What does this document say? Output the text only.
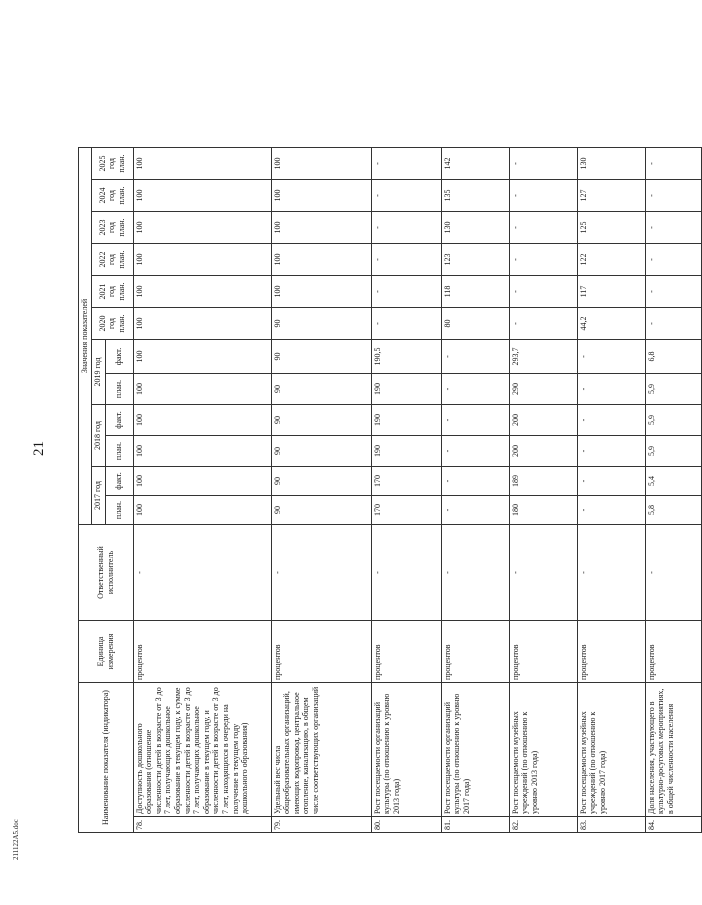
21
211122A5.doc
Наименование показателя (индикатора)		Единица измерения	Ответственный исполнитель	Значения показателей											
				2017 год		2018 год		2019 год		2020 год план.	2021 год план.	2022 год план.	2023 год план.	2024 год план.	2025 год план.
				план.	факт.	план.	факт.	план.	факт.						
78.	Доступность дошкольного образования (отношение численности детей в возрасте от 3 до 7 лет, получающих дошкольное образование в текущем году, к сумме численности детей в возрасте от 3 до 7 лет, получающих дошкольное образование в текущем году, и численности детей в возрасте от 3 до 7 лет, находящихся в очереди на получение в текущем году дошкольного образования)	процентов	-	100	100	100	100	100	100	100	100	100	100	100	100
79.	Удельный вес числа общеобразовательных организаций, имеющих водопровод, центральное отопление, канализацию, в общем числе соответствующих организаций	процентов	-	90	90	90	90	90	90	90	100	100	100	100	100
80.	Рост посещаемости организаций культуры (по отношению к уровню 2013 года)	процентов	-	170	170	190	190	190	190,5	-	-	-	-	-	-
81.	Рост посещаемости организаций культуры (по отношению к уровню 2017 года)	процентов	-	-	-	-	-	-	-	80	118	123	130	135	142
82.	Рост посещаемости музейных учреждений (по отношению к уровню 2013 года)	процентов	-	180	189	200	200	290	293,7	-	-	-	-	-	-
83.	Рост посещаемости музейных учреждений (по отношению к уровню 2017 года)	процентов	-	-	-	-	-	-	-	44,2	117	122	125	127	130
84.	Доля населения, участвующего в культурно-досуговых мероприятиях, в общей численности населения	процентов	-	5,8	5,4	5,9	5,9	5,9	6,8	-	-	-	-	-	-
